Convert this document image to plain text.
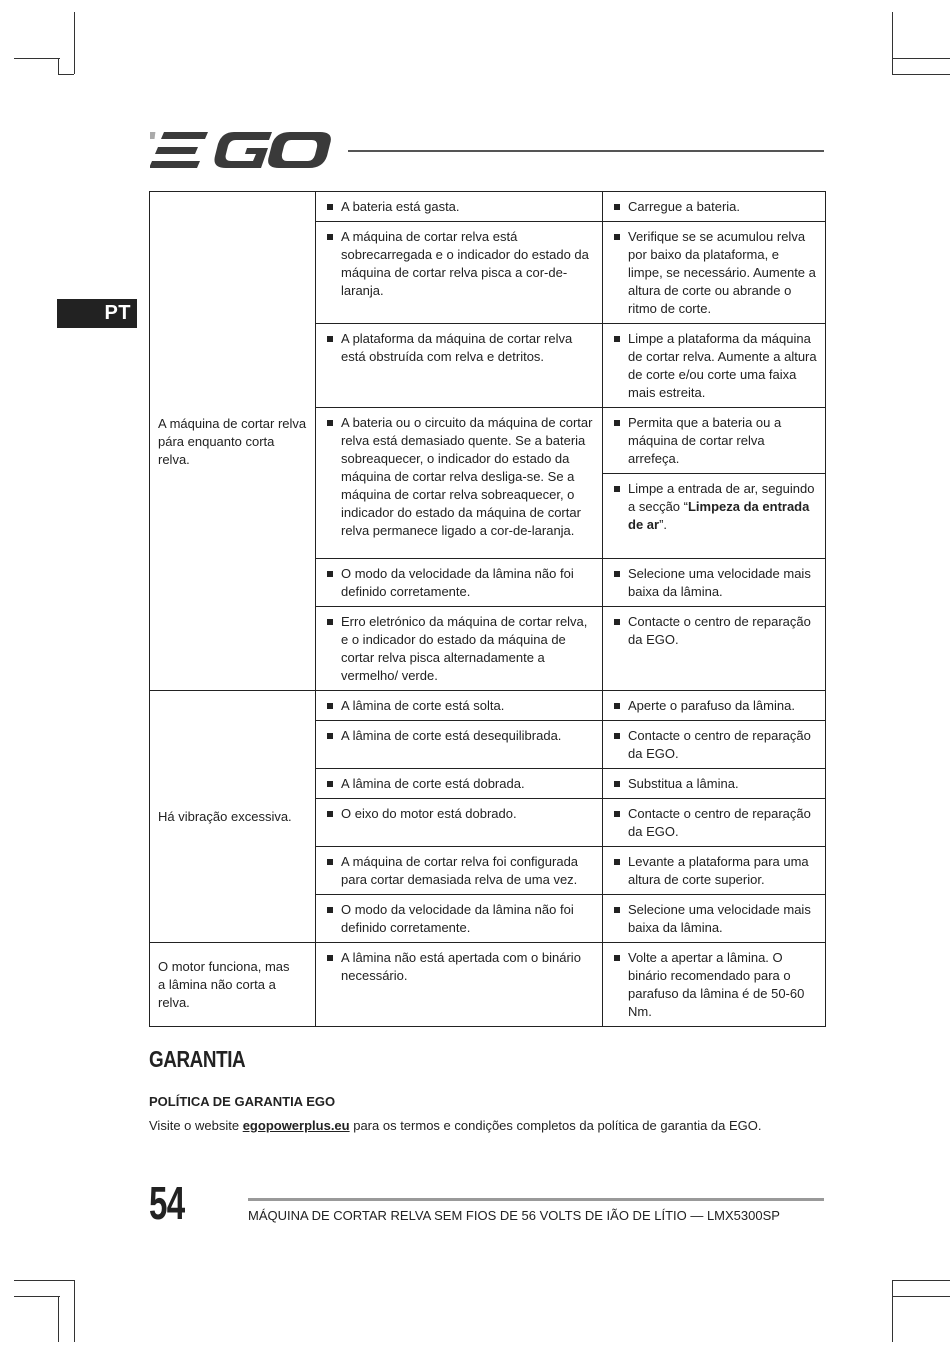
PT
A máquina de cortar relva pára enquanto corta relva.	A bateria está gasta.	Carregue a bateria.

	A máquina de cortar relva está sobrecarregada e o indicador do estado da máquina de cortar relva pisca a cor-de-laranja.	Verifique se se acumulou relva por baixo da plataforma, e limpe, se necessário. Aumente a altura de corte ou abrande o ritmo de corte.

	A plataforma da máquina de cortar relva está obstruída com relva e detritos.	Limpe a plataforma da máquina de cortar relva. Aumente a altura de corte e/ou corte uma faixa mais estreita.

	A bateria ou o circuito da máquina de cortar relva está demasiado quente. Se a bateria sobreaquecer, o indicador do estado da máquina de cortar relva desliga-se. Se a máquina de cortar relva sobreaquecer, o indicador do estado da máquina de cortar relva permanece ligado a cor-de-laranja.	Permita que a bateria ou a máquina de cortar relva arrefeça.

		Limpe a entrada de ar, seguindo a secção “Limpeza da entrada de ar”.

	O modo da velocidade da lâmina não foi definido corretamente.	Selecione uma velocidade mais baixa da lâmina.

	Erro eletrónico da máquina de cortar relva, e o indicador do estado da máquina de cortar relva pisca alternadamente a vermelho/ verde.	Contacte o centro de reparação da EGO.

Há vibração excessiva.	A lâmina de corte está solta.	Aperte o parafuso da lâmina.

	A lâmina de corte está desequilibrada.	Contacte o centro de reparação da EGO.

	A lâmina de corte está dobrada.	Substitua a lâmina.

	O eixo do motor está dobrado.	Contacte o centro de reparação da EGO.

	A máquina de cortar relva foi configurada para cortar demasiada relva de uma vez.	Levante a plataforma para uma altura de corte superior.

	O modo da velocidade da lâmina não foi definido corretamente.	Selecione uma velocidade mais baixa da lâmina.

O motor funciona, mas
a lâmina não corta a relva.	A lâmina não está apertada com o binário necessário.	Volte a apertar a lâmina. O binário recomendado para o parafuso da lâmina é de 50-60 Nm.
GARANTIA
POLÍTICA DE GARANTIA EGO
Visite o website egopowerplus.eu para os termos e condições completos da política de garantia da EGO.
54	MÁQUINA DE CORTAR RELVA SEM FIOS DE 56 VOLTS DE IÃO DE LÍTIO — LMX5300SP
